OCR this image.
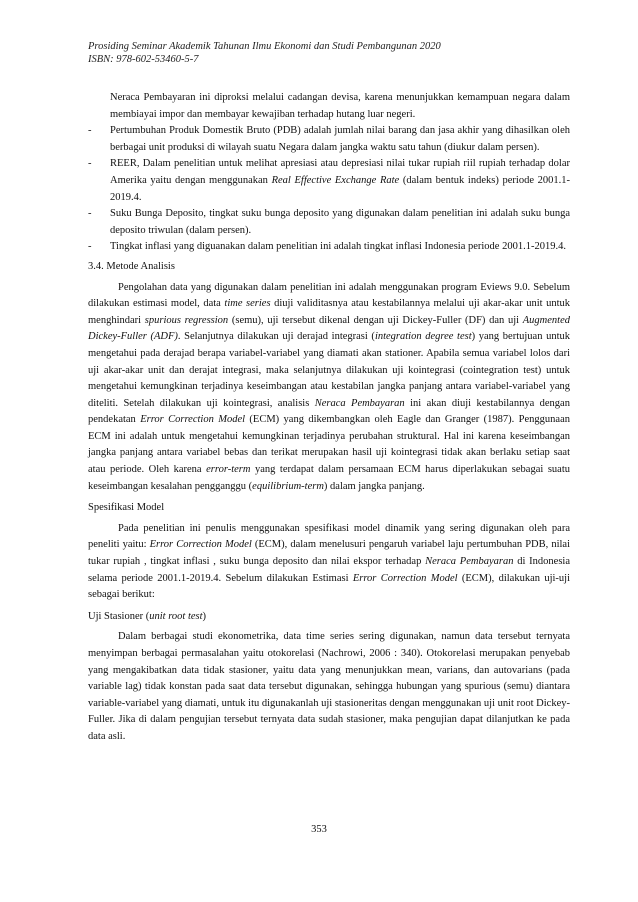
Prosiding Seminar Akademik Tahunan Ilmu Ekonomi dan Studi Pembangunan 2020
ISBN: 978-602-53460-5-7

Neraca Pembayaran ini diproksi melalui cadangan devisa, karena menunjukkan kemampuan negara dalam membiayai impor dan membayar kewajiban terhadap hutang luar negeri.

- Pertumbuhan Produk Domestik Bruto (PDB) adalah jumlah nilai barang dan jasa akhir yang dihasilkan oleh berbagai unit produksi di wilayah suatu Negara dalam jangka waktu satu tahun (diukur dalam persen).
- REER, Dalam penelitian untuk melihat apresiasi atau depresiasi nilai tukar rupiah riil rupiah terhadap dolar Amerika yaitu dengan menggunakan Real Effective Exchange Rate (dalam bentuk indeks) periode 2001.1-2019.4.
- Suku Bunga Deposito, tingkat suku bunga deposito yang digunakan dalam penelitian ini adalah suku bunga deposito triwulan (dalam persen).
- Tingkat inflasi yang diguanakan dalam penelitian ini adalah tingkat inflasi Indonesia periode 2001.1-2019.4.
3.4. Metode Analisis

Pengolahan data yang digunakan dalam penelitian ini adalah menggunakan program Eviews 9.0. Sebelum dilakukan estimasi model, data time series diuji validitasnya atau kestabilannya melalui uji akar-akar unit untuk menghindari spurious regression (semu), uji tersebut dikenal dengan uji Dickey-Fuller (DF) dan uji Augmented Dickey-Fuller (ADF). Selanjutnya dilakukan uji derajad integrasi (integration degree test) yang bertujuan untuk mengetahui pada derajad berapa variabel-variabel yang diamati akan stationer. Apabila semua variabel lolos dari uji akar-akar unit dan derajat integrasi, maka selanjutnya dilakukan uji kointegrasi (cointegration test) untuk mengetahui kemungkinan terjadinya keseimbangan atau kestabilan jangka panjang antara variabel-variabel yang diteliti. Setelah dilakukan uji kointegrasi, analisis Neraca Pembayaran ini akan diuji kestabilannya dengan pendekatan Error Correction Model (ECM) yang dikembangkan oleh Eagle dan Granger (1987). Penggunaan ECM ini adalah untuk mengetahui kemungkinan terjadinya perubahan struktural. Hal ini karena keseimbangan jangka panjang antara variabel bebas dan terikat merupakan hasil uji kointegrasi tidak akan berlaku setiap saat atau periode. Oleh karena error-term yang terdapat dalam persamaan ECM harus diperlakukan sebagai suatu keseimbangan kesalahan pengganggu (equilibrium-term) dalam jangka panjang.

Spesifikasi Model

Pada penelitian ini penulis menggunakan spesifikasi model dinamik yang sering digunakan oleh para peneliti yaitu: Error Correction Model (ECM), dalam menelusuri pengaruh variabel laju pertumbuhan PDB, nilai tukar rupiah , tingkat inflasi , suku bunga deposito dan nilai ekspor terhadap Neraca Pembayaran di Indonesia selama periode 2001.1-2019.4. Sebelum dilakukan Estimasi Error Correction Model (ECM), dilakukan uji-uji sebagai berikut:

Uji Stasioner (unit root test)

Dalam berbagai studi ekonometrika, data time series sering digunakan, namun data tersebut ternyata menyimpan berbagai permasalahan yaitu otokorelasi (Nachrowi, 2006 : 340). Otokorelasi merupakan penyebab yang mengakibatkan data tidak stasioner, yaitu data yang menunjukkan mean, varians, dan autovarians (pada variable lag) tidak konstan pada saat data tersebut digunakan, sehingga hubungan yang spurious (semu) diantara variable-variabel yang diamati, untuk itu digunakanlah uji stasioneritas dengan menggunakan uji unit root Dickey-Fuller. Jika di dalam pengujian tersebut ternyata data sudah stasioner, maka pengujian dapat dilanjutkan ke pada data asli.

353
